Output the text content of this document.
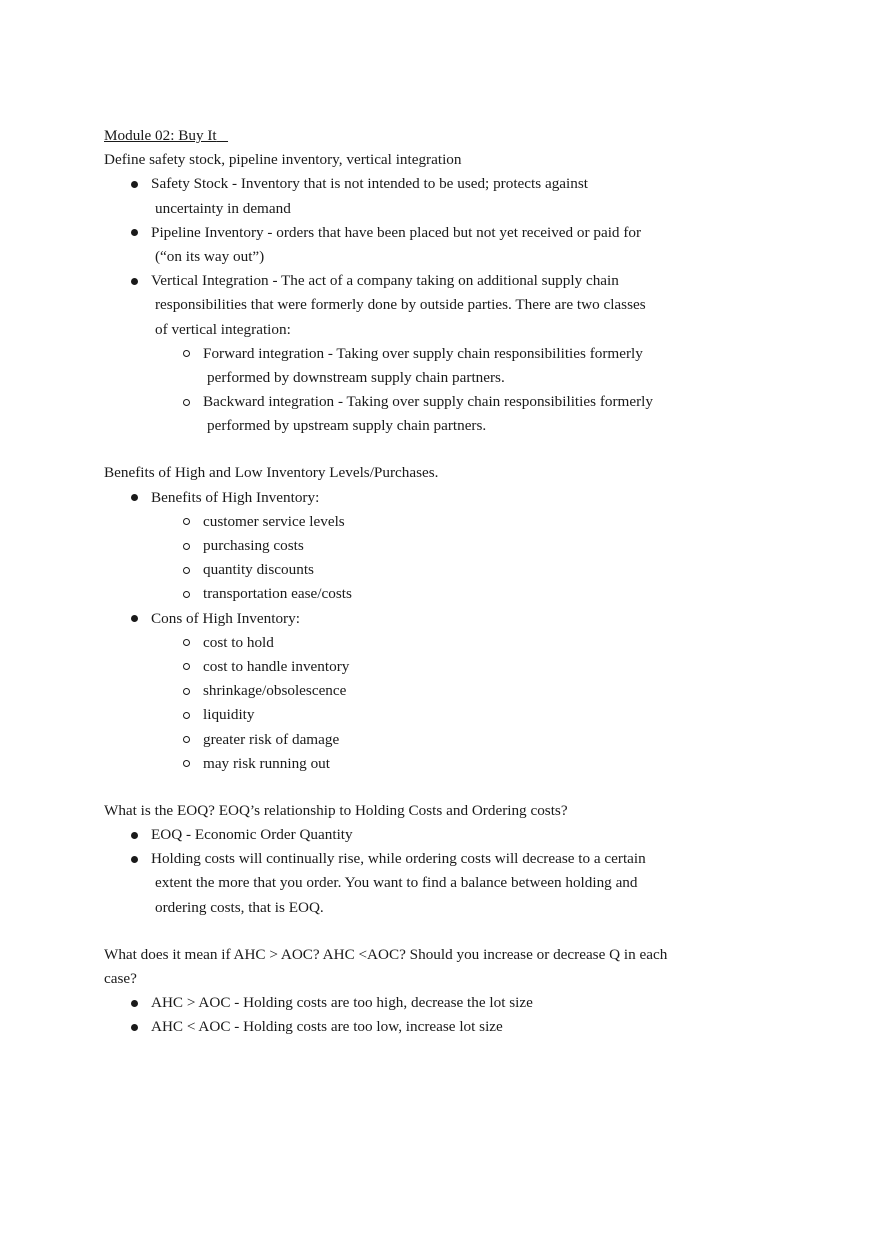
Module 02: Buy It
Define safety stock, pipeline inventory, vertical integration
Safety Stock - Inventory that is not intended to be used; protects against
uncertainty in demand
Pipeline Inventory - orders that have been placed but not yet received or paid for
(“on its way out”)
Vertical Integration - The act of a company taking on additional supply chain
responsibilities that were formerly done by outside parties. There are two classes
of vertical integration:
Forward integration - Taking over supply chain responsibilities formerly
performed by downstream supply chain partners.
Backward integration - Taking over supply chain responsibilities formerly
performed by upstream supply chain partners.
Benefits of High and Low Inventory Levels/Purchases.
Benefits of High Inventory:
customer service levels
purchasing costs
quantity discounts
transportation ease/costs
Cons of High Inventory:
cost to hold
cost to handle inventory
shrinkage/obsolescence
liquidity
greater risk of damage
may risk running out
What is the EOQ? EOQ’s relationship to Holding Costs and Ordering costs?
EOQ - Economic Order Quantity
Holding costs will continually rise, while ordering costs will decrease to a certain
extent the more that you order. You want to find a balance between holding and
ordering costs, that is EOQ.
What does it mean if AHC > AOC? AHC <AOC? Should you increase or decrease Q in each
case?
AHC > AOC - Holding costs are too high, decrease the lot size
AHC < AOC - Holding costs are too low, increase lot size
